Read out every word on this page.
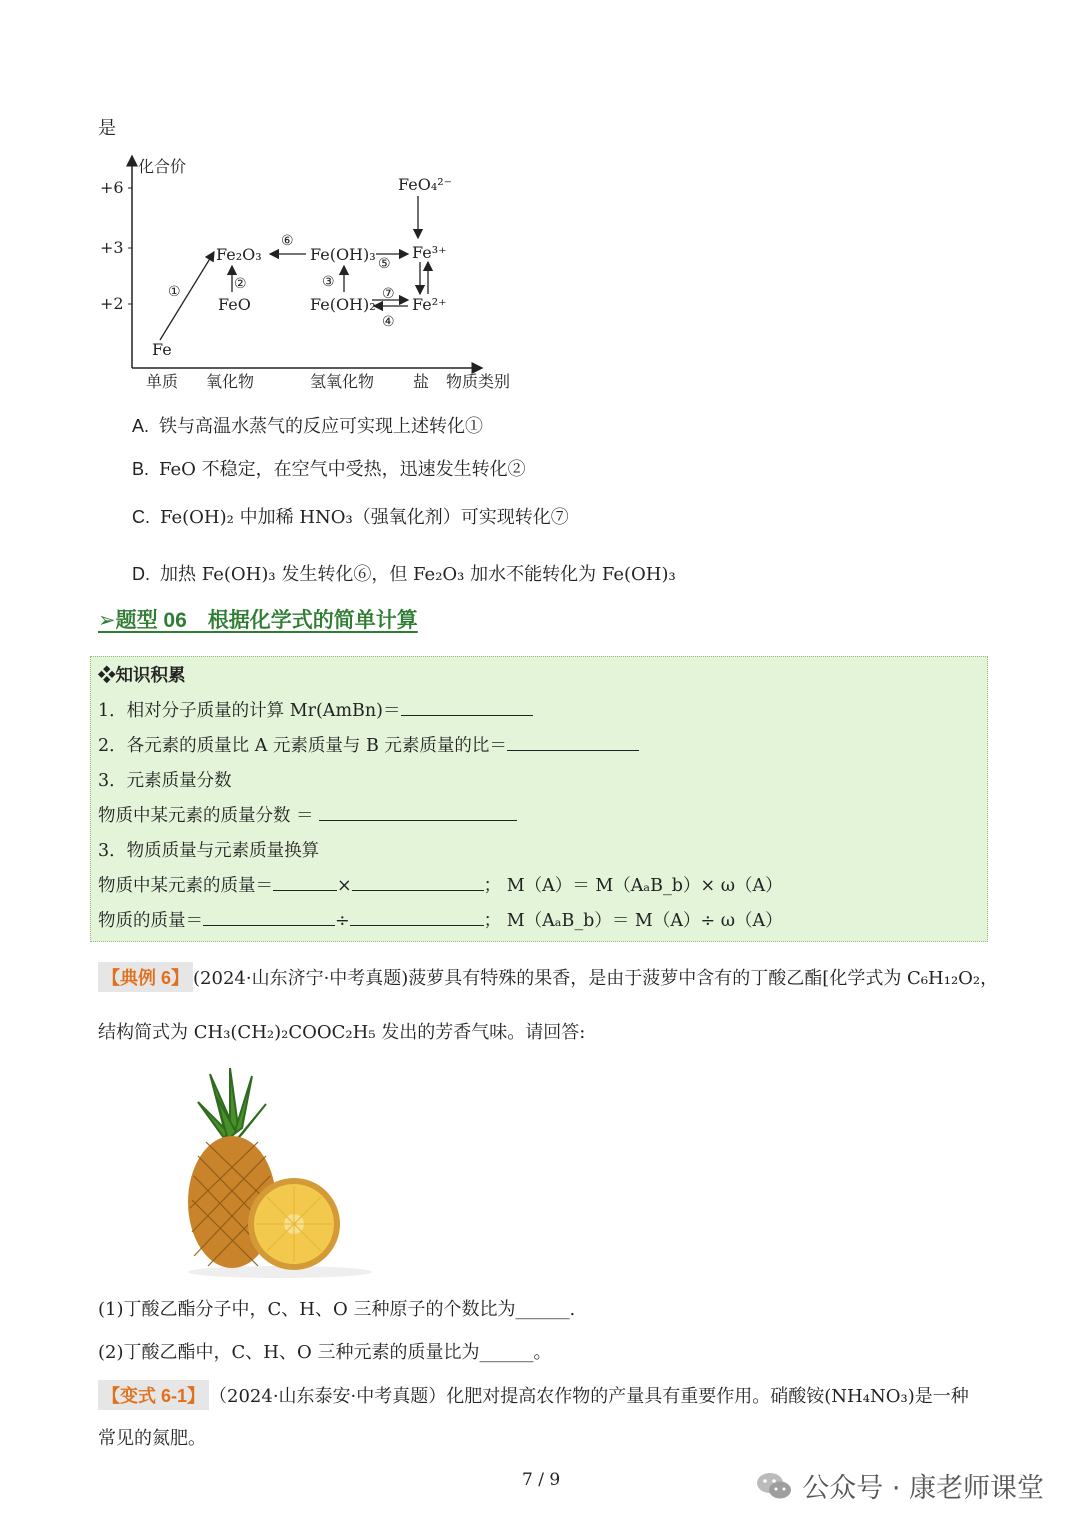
是
化合价
+6
+3
+2
单质 氧化物	氢氧化物 盐 物质类别
Fe
Fe₂O₃
FeO
Fe(OH)₃
Fe(OH)₂
Fe³⁺
Fe²⁺
FeO₄²⁻
①	②	③
④
⑤
⑥
⑦
A. 铁与高温水蒸气的反应可实现上述转化①
B. FeO 不稳定，在空气中受热，迅速发生转化②
C. Fe(OH)₂ 中加稀 HNO₃（强氧化剂）可实现转化⑦
D. 加热 Fe(OH)₃ 发生转化⑥，但 Fe₂O₃ 加水不能转化为 Fe(OH)₃
➢题型 06　根据化学式的简单计算
❖知识积累
1．相对分子质量的计算 Mr(AmBn)＝
2．各元素的质量比 A 元素质量与 B 元素质量的比＝
3．元素质量分数
物质中某元素的质量分数 ＝
3．物质质量与元素质量换算
物质中某元素的质量＝	×	； M（A）＝ M（AₐB_b）× ω（A）
物质的质量＝	÷	； M（AₐB_b）＝ M（A）÷ ω（A）
【典例 6】 (2024·山东济宁·中考真题)菠萝具有特殊的果香，是由于菠萝中含有的丁酸乙酯[化学式为 C₆H₁₂O₂，
结构简式为 CH₃(CH₂)₂COOC₂H₅ 发出的芳香气味。请回答:
(1)丁酸乙酯分子中，C、H、O 三种原子的个数比为______.
(2)丁酸乙酯中，C、H、O 三种元素的质量比为______。
【变式 6-1】 （2024·山东泰安·中考真题）化肥对提高农作物的产量具有重要作用。硝酸铵(NH₄NO₃)是一种
常见的氮肥。
7 / 9	公众号 · 康老师课堂
